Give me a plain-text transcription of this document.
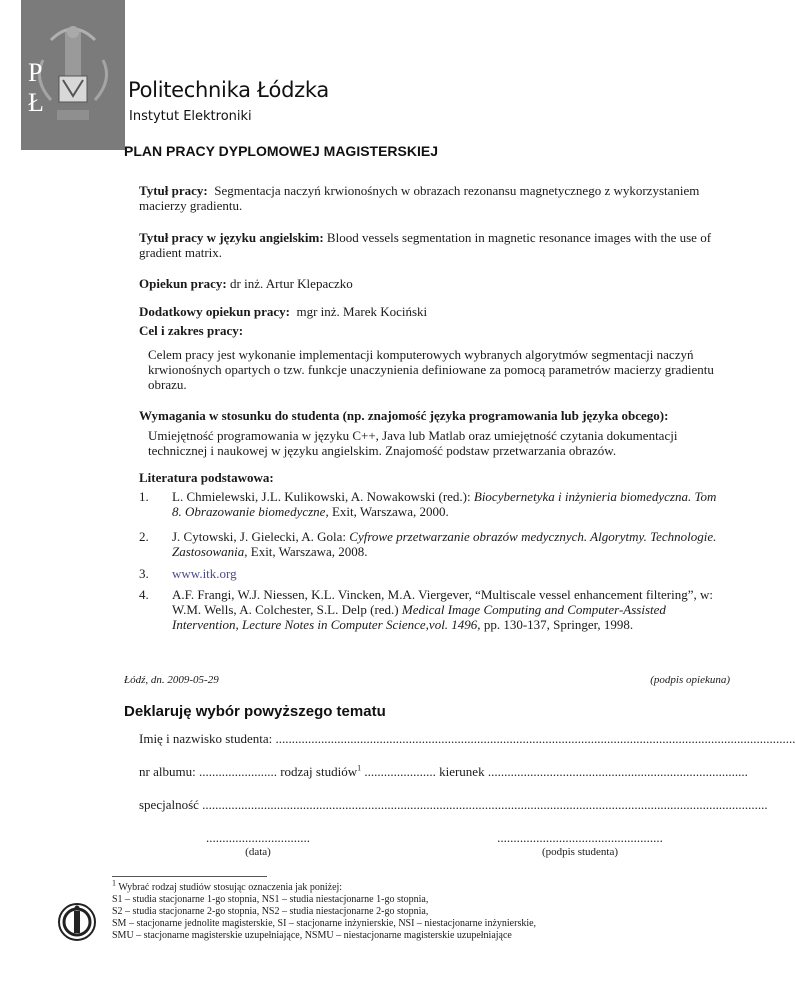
P Ł	Politechnika Łódzka
Instytut Elektroniki
PLAN PRACY DYPLOMOWEJ MAGISTERSKIEJ
Tytuł pracy: Segmentacja naczyń krwionośnych w obrazach rezonansu magnetycznego z wykorzystaniem macierzy gradientu.
Tytuł pracy w języku angielskim: Blood vessels segmentation in magnetic resonance images with the use of gradient matrix.
Opiekun pracy: dr inż. Artur Klepaczko
Dodatkowy opiekun pracy: mgr inż. Marek Kociński
Cel i zakres pracy:
Celem pracy jest wykonanie implementacji komputerowych wybranych algorytmów segmentacji naczyń krwionośnych opartych o tzw. funkcje unaczynienia definiowane za pomocą parametrów macierzy gradientu obrazu.
Wymagania w stosunku do studenta (np. znajomość języka programowania lub języka obcego):
Umiejętność programowania w języku C++, Java lub Matlab oraz umiejętność czytania dokumentacji technicznej i naukowej w języku angielskim. Znajomość podstaw przetwarzania obrazów.
Literatura podstawowa:
1. L. Chmielewski, J.L. Kulikowski, A. Nowakowski (red.): Biocybernetyka i inżynieria biomedyczna. Tom 8. Obrazowanie biomedyczne, Exit, Warszawa, 2000.
2. J. Cytowski, J. Gielecki, A. Gola: Cyfrowe przetwarzanie obrazów medycznych. Algorytmy. Technologie. Zastosowania, Exit, Warszawa, 2008.
3. www.itk.org
4. A.F. Frangi, W.J. Niessen, K.L. Vincken, M.A. Viergever, “Multiscale vessel enhancement filtering”, w: W.M. Wells, A. Colchester, S.L. Delp (red.) Medical Image Computing and Computer-Assisted Intervention, Lecture Notes in Computer Science,vol. 1496, pp. 130-137, Springer, 1998.
Łódź, dn. 2009-05-29	(podpis opiekuna)
Deklaruję wybór powyższego tematu
Imię i nazwisko studenta: ................................................................................................................................................................
nr albumu: ........................ rodzaj studiów$^1$ ...................... kierunek ................................................................................
specjalność ..............................................................................................................................................................................
................................
(data)
...................................................
(podpis studenta)
$^1$ Wybrać rodzaj studiów stosując oznaczenia jak poniżej:
S1 – studia stacjonarne 1-go stopnia, NS1 – studia niestacjonarne 1-go stopnia,
S2 – studia stacjonarne 2-go stopnia, NS2 – studia niestacjonarne 2-go stopnia,
SM – stacjonarne jednolite magisterskie, SI – stacjonarne inżynierskie, NSI – niestacjonarne inżynierskie,
SMU – stacjonarne magisterskie uzupełniające, NSMU – niestacjonarne magisterskie uzupełniające
